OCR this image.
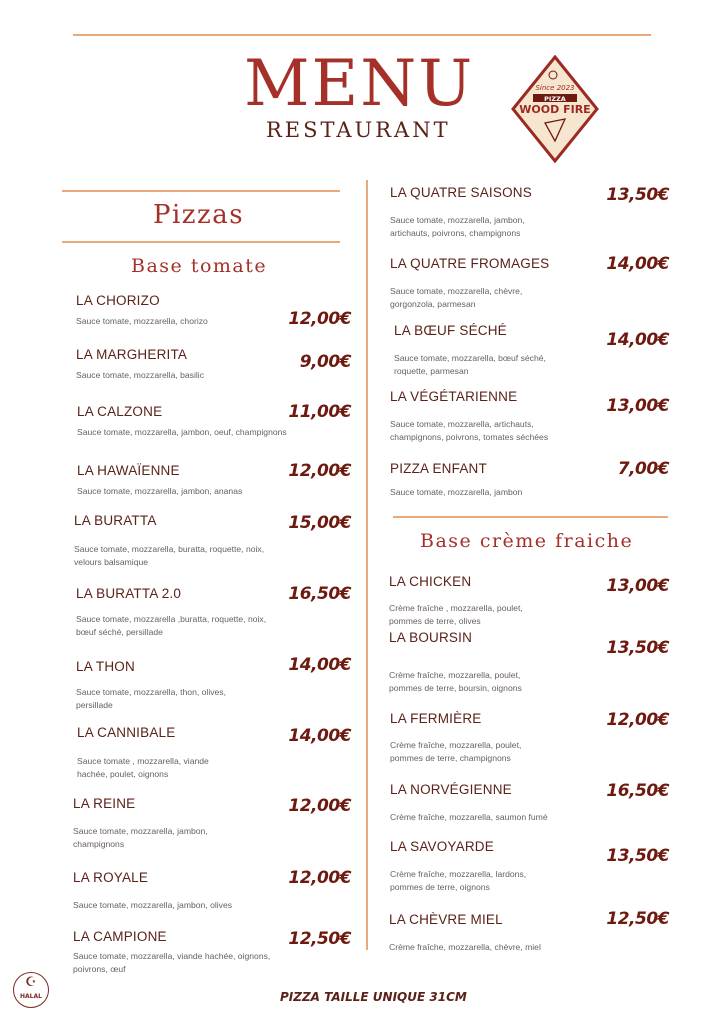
MENU
RESTAURANT
Since 2023
PIZZA
WOOD FIRE
Pizzas
Base tomate
LA CHORIZO
12,00€
Sauce tomate, mozzarella, chorizo
LA MARGHERITA	9,00€
Sauce tomate, mozzarella, basilic
LA CALZONE	11,00€
Sauce tomate, mozzarella, jambon, oeuf, champignons
LA HAWAÏENNE	12,00€
Sauce tomate, mozzarella, jambon, ananas
LA BURATTA	15,00€
Sauce tomate, mozzarella, buratta, roquette, noix, velours balsamique
LA BURATTA 2.0	16,50€
Sauce tomate, mozzarella ,buratta, roquette, noix, bœuf séché, persillade
LA THON	14,00€
Sauce tomate, mozzarella, thon, olives, persillade
LA CANNIBALE	14,00€
Sauce tomate , mozzarella, viande hachée, poulet, oignons
LA REINE	12,00€
Sauce tomate, mozzarella, jambon, champignons
LA ROYALE	12,00€
Sauce tomate, mozzarella, jambon, olives
LA CAMPIONE	12,50€
Sauce tomate, mozzarella, viande hachée, oignons, poivrons, œuf
LA QUATRE SAISONS	13,50€
Sauce tomate, mozzarella, jambon, artichauts, poivrons, champignons
LA QUATRE FROMAGES	14,00€
Sauce tomate, mozzarella, chèvre, gorgonzola, parmesan
LA BŒUF SÉCHÉ	14,00€
Sauce tomate, mozzarella, bœuf séché, roquette, parmesan
LA VÉGÉTARIENNE	13,00€
Sauce tomate, mozzarella, artichauts, champignons, poivrons, tomates séchées
PIZZA ENFANT	7,00€
Sauce tomate, mozzarella, jambon
LA CHICKEN	13,00€
Crème fraîche , mozzarella, poulet, pommes de terre, olives
LA BOURSIN
13,50€
Crème fraîche, mozzarella, poulet, pommes de terre, boursin, oignons
LA FERMIÈRE	12,00€
Crème fraîche, mozzarella, poulet, pommes de terre, champignons
LA NORVÉGIENNE	16,50€
Crème fraîche, mozzarella, saumon fumé
LA SAVOYARDE	13,50€
Crème fraîche, mozzarella, lardons, pommes de terre, oignons
LA CHÈVRE MIEL	12,50€
Crème fraîche, mozzarella, chèvre, miel
Base crème fraiche
☪
HALAL	PIZZA TAILLE UNIQUE 31CM
